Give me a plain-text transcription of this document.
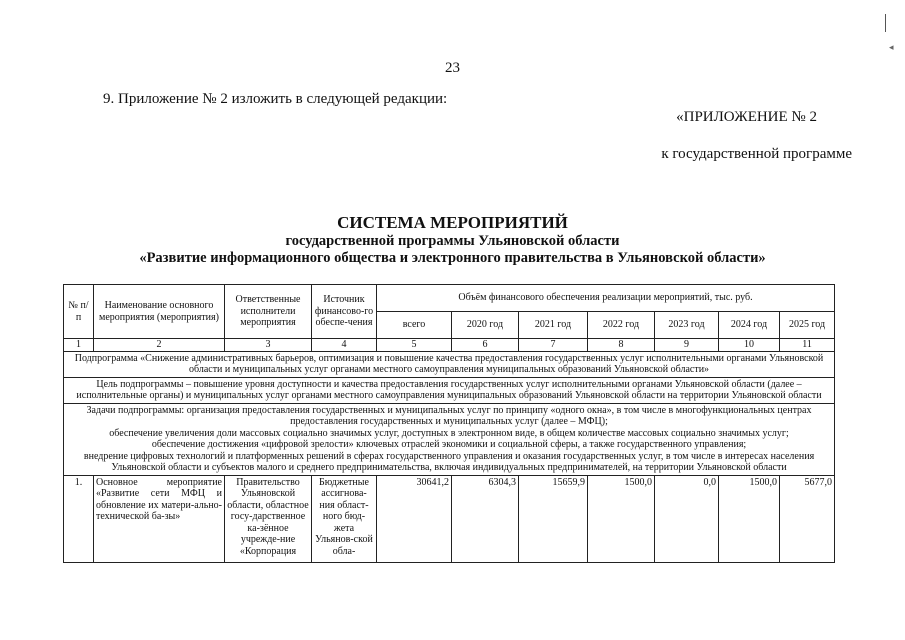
◂
23
9. Приложение № 2 изложить в следующей редакции:
«ПРИЛОЖЕНИЕ № 2
к государственной программе
СИСТЕМА МЕРОПРИЯТИЙ
государственной программы Ульяновской области
«Развитие информационного общества и электронного правительства в Ульяновской области»
№ п/п	Наименование основного мероприятия (мероприятия)	Ответственные исполнители мероприятия	Источник финансово-го обеспе-чения	Объём финансового обеспечения реализации мероприятий, тыс. руб.						
				всего	2020 год	2021 год	2022 год	2023 год	2024 год	2025 год
1	2	3	4	5	6	7	8	9	10	11
Подпрограмма «Снижение административных барьеров, оптимизация и повышение качества предоставления государственных услуг исполнительными органами Ульяновской области и муниципальных услуг органами местного самоуправления муниципальных образований Ульяновской области»										
Цель подпрограммы – повышение уровня доступности и качества предоставления государственных услуг исполнительными органами Ульяновской области (далее – исполнительные органы) и муниципальных услуг органами местного самоуправления муниципальных образований Ульяновской области на территории Ульяновской области										

Задачи подпрограммы: организация предоставления государственных и муниципальных услуг по принципу «одного окна», в том числе в многофункциональных центрах предоставления государственных и муниципальных услуг (далее – МФЦ);
обеспечение увеличения доли массовых социально значимых услуг, доступных в электронном виде, в общем количестве массовых социально значимых услуг;
обеспечение достижения «цифровой зрелости» ключевых отраслей экономики и социальной сферы, а также государственного управления;
внедрение цифровых технологий и платформенных решений в сферах государственного управления и оказания государственных услуг, в том числе в интересах населения Ульяновской области и субъектов малого и среднего предпринимательства, включая индивидуальных предпринимателей, на территории Ульяновской области										

1.	Основное мероприятие «Развитие сети МФЦ и обновление их матери-ально-технической ба-зы»	Правительство Ульяновской области, областное госу-дарственное ка-зённое учрежде-ние «Корпорация	Бюджетные ассигнова-ния област-ного бюд-жета Ульянов-ской обла-	30641,2	6304,3	15659,9	1500,0	0,0	1500,0	5677,0
